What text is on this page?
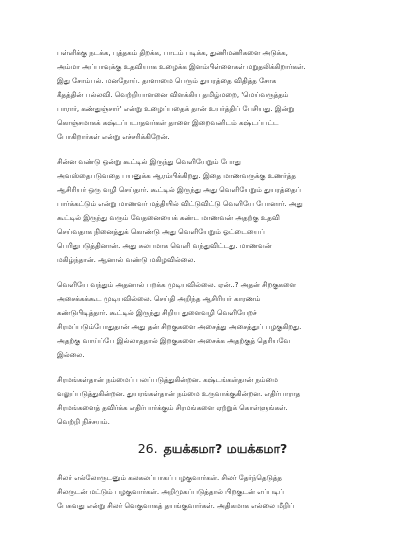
பள்ளிக்கு நடக்க, புத்தகம் திறக்க, பாடம் படிக்க, துணிமணிகளை அடுக்க,
அம்மா அப்பாவுக்கு உதவியாக உழைக்க இளம்பிள்ளைகள் மறுதலிக்கிறார்கள்.
இது சோம்பல். மனநோய். தாளாமை பெரும் துயரத்தை விதித்த சோக
கீதத்தின் பல்லவி. வெற்றியாளனை விளக்கிய தமிழ்மறை, 'மெய்வருத்தம்
பாரார், கண்துஞ்சார்' என்று உழைப்பதைக் தான் உயர்த்திப் பேசியது. இன்று
கொஞ்சமாகக் கஷ்டப்படாதவர்கள் தாளை இறைவனிடம் கஷ்டப்பட்ட
போகிறார்கள் என்று எச்சரிக்கிறேன்.
சின்ன வண்டு ஒன்று கூட்டில் இருந்து வெளியேறும் போது
அவஸ்தைபடுவதை பயனுக்க ஆரம்பிக்கிறது. இதை மாணவருக்கு உணர்த்த
ஆசிரியர் ஒரு வழி செய்தார். கூட்டில் இருந்து அது வெளியேறும் துயரத்தைப்
பார்க்கட்டும் என்று மாணவர் மத்தியில் விட்டுவிட்டு வெளியே போனார். அது
கூட்டில் இருந்து வரும் வேதனையைக் கண்ட மாணவன் அதற்கு உதவி
செய்வதாக நினைத்துக் கொண்டு அது வெளியேறும் ஓட்டையைப்
பெரிதுபடுத்தினான். அது சுலபமாக வெளி வந்துவிட்டது. மாணவன்
மகிழ்ந்தான். ஆனால் வண்டு மகிழவில்லை.
வெளியே வந்தும் அதனால் பறக்க முடியவில்லை. ஏன்..? அதன் சிறகுகளை
அசைக்கக்கூட முடியவில்லை. செய்தி அறிந்த ஆசிரியர் காரணம்
கண்டுபிடித்தார். கூட்டில் இருந்து சிறிய துளைவழி வெளியேறச்
சிரமப்படும்போதுதான் அது தன் சிறகுகளை அசைத்து அசைத்துப் பழகுகிறது.
அதற்கு வாய்ப்பே இல்லாததால் இறகுகளை அசைக்க அதற்குத் தெரியவே
இல்லை.
சிரமங்கள்தான் நம்மைப் பலப்படுத்துகின்றன. கஷ்டங்கள்தான் நம்மை
வலுப்படுத்துகின்றன. துயரங்கள்தான் நம்மை உருவாக்குகின்றன. எதிர்பாராத
சிரமங்களைத் தவிர்க்க எதிர்பார்க்கும் சிரமங்களை ஏற்றுக் கொள்ளுங்கள்.
வெற்றி நிச்சயம்.
26. தயக்கமா? மயக்கமா?
சிலர் எல்லோருடனும் கலகலப்பாகப் பழகுவார்கள். சிலர் தேர்ந்தெடுத்த
சிலருடன் மட்டும் பழகுவார்கள். அறிமுகப்படுத்தால் பிறகுடன் எப்படிப்
பேசுவது என்று சிலர் வெகுவாகத் தயங்குவார்கள். அதிகமாக எல்லை மீறிப்
